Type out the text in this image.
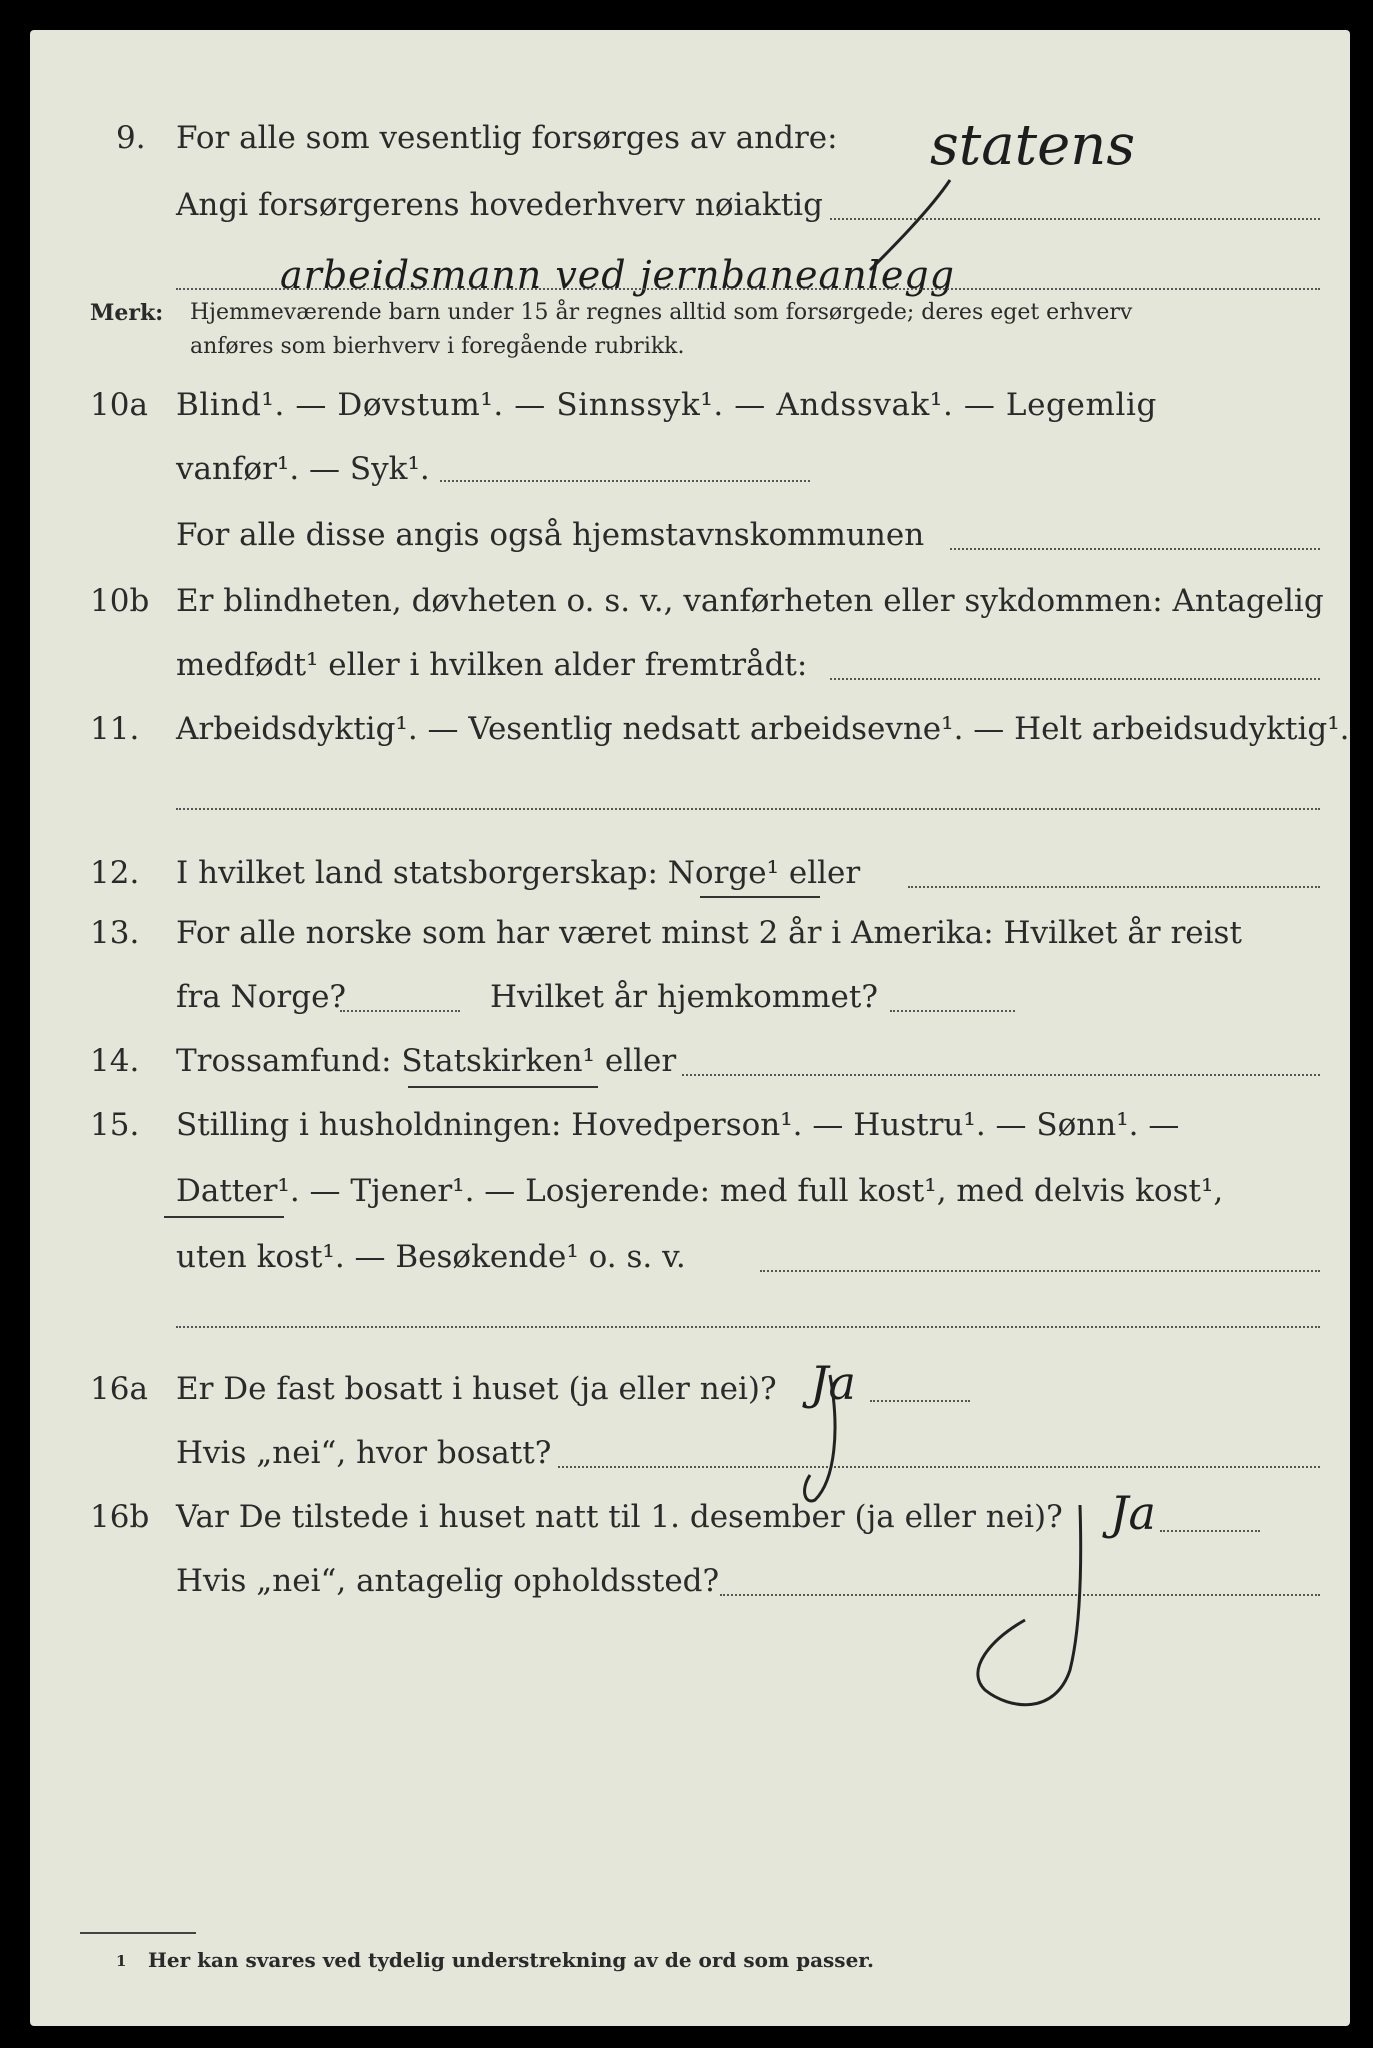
9. For alle som vesentlig forsørges av andre: statens
Angi forsørgerens hovederhverv nøiaktig
arbeidsmann ved jernbaneanlegg
Merk: Hjemmeværende barn under 15 år regnes alltid som forsørgede; deres eget erhverv
anføres som bierhverv i foregående rubrikk.
10a Blind¹. — Døvstum¹. — Sinnssyk¹. — Andssvak¹. — Legemlig
vanfør¹. — Syk¹.
For alle disse angis også hjemstavnskommunen
10b Er blindheten, døvheten o. s. v., vanførheten eller sykdommen: Antagelig
medfødt¹ eller i hvilken alder fremtrådt:
11. Arbeidsdyktig¹. — Vesentlig nedsatt arbeidsevne¹. — Helt arbeidsudyktig¹.
12. I hvilket land statsborgerskap: Norge¹ eller
13. For alle norske som har været minst 2 år i Amerika: Hvilket år reist
fra Norge?	Hvilket år hjemkommet?
14. Trossamfund: Statskirken¹ eller
15. Stilling i husholdningen: Hovedperson¹. — Hustru¹. — Sønn¹. —
Datter¹. — Tjener¹. — Losjerende: med full kost¹, med delvis kost¹,
uten kost¹. — Besøkende¹ o. s. v.
16a Er De fast bosatt i huset (ja eller nei)? Ja
Hvis „nei“, hvor bosatt?
16b Var De tilstede i huset natt til 1. desember (ja eller nei)? Ja
Hvis „nei“, antagelig opholdssted?
1 Her kan svares ved tydelig understrekning av de ord som passer.
